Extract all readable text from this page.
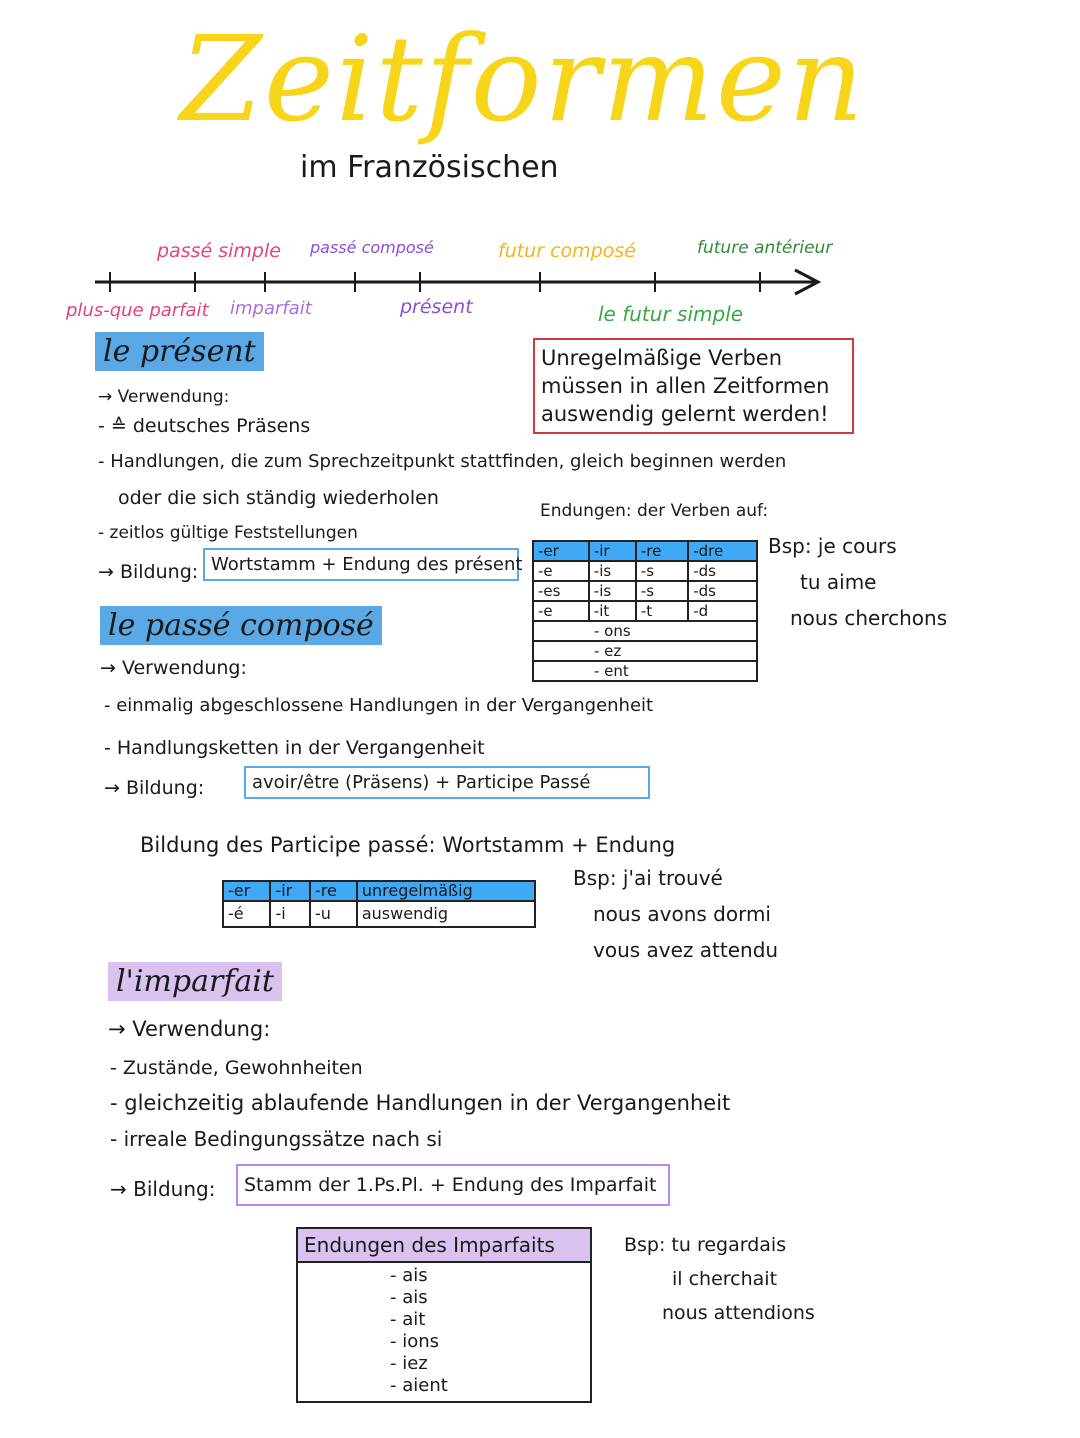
Zeitformen
im Französischen
passé simple passé composé	futur composé	future antérieur
plus-que parfait imparfait	présent	le futur simple
le présent	Unregelmäßige Verben
müssen in allen Zeitformen
auswendig gelernt werden!
→ Verwendung:
- ≙ deutsches Präsens
- Handlungen, die zum Sprechzeitpunkt stattfinden, gleich beginnen werden
oder die sich ständig wiederholen
- zeitlos gültige Feststellungen
→ Bildung: Wortstamm + Endung des présent
Endungen: der Verben auf:
-er	-ir	-re	-dre
-e	-is	-s	-ds
-es	-is	-s	-ds
-e	-it	-t	-d
- ons			
- ez			
- ent			
Bsp: je cours
tu aime
nous cherchons
le passé composé
→ Verwendung:
- einmalig abgeschlossene Handlungen in der Vergangenheit
- Handlungsketten in der Vergangenheit
→ Bildung:	avoir/être (Präsens) + Participe Passé
Bildung des Participe passé: Wortstamm + Endung
-er	-ir	-re	unregelmäßig
-é	-i	-u	auswendig
Bsp: j'ai trouvé
nous avons dormi
vous avez attendu
l'imparfait
→ Verwendung:
- Zustände, Gewohnheiten
- gleichzeitig ablaufende Handlungen in der Vergangenheit
- irreale Bedingungssätze nach si
→ Bildung:	Stamm der 1.Ps.Pl. + Endung des Imparfait
Endungen des Imparfaits
- ais
- ais
- ait
- ions
- iez
- aient
Bsp: tu regardais
il cherchait
nous attendions
